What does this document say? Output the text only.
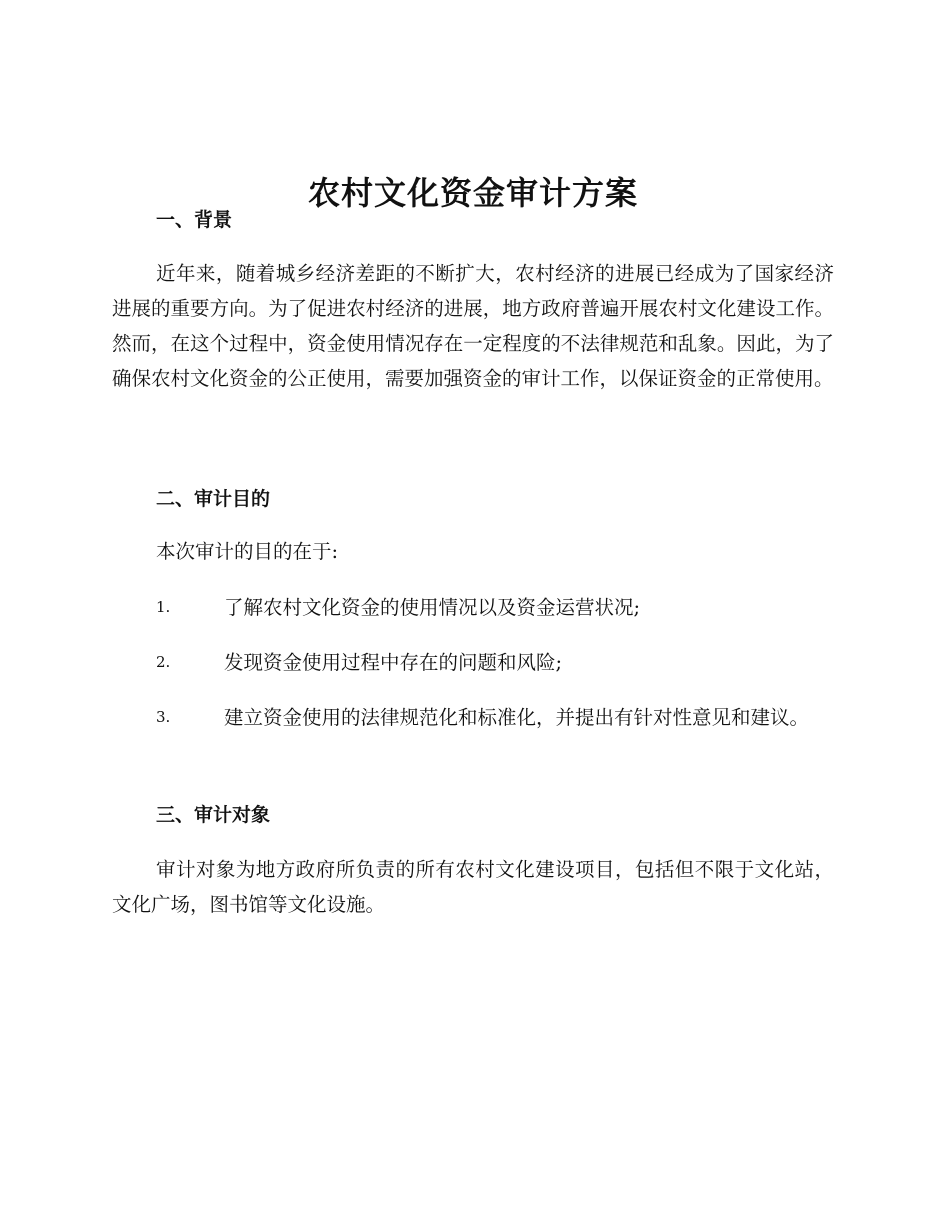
农村文化资金审计方案
一、背景

近年来，随着城乡经济差距的不断扩大，农村经济的进展已经成为了国家经济进展的重要方向。为了促进农村经济的进展，地方政府普遍开展农村文化建设工作。然而，在这个过程中，资金使用情况存在一定程度的不法律规范和乱象。因此，为了确保农村文化资金的公正使用，需要加强资金的审计工作，以保证资金的正常使用。

二、审计目的

本次审计的目的在于:

1.	了解农村文化资金的使用情况以及资金运营状况;
2.	发现资金使用过程中存在的问题和风险;
3.	建立资金使用的法律规范化和标准化，并提出有针对性意见和建议。
三、审计对象

审计对象为地方政府所负责的所有农村文化建设项目，包括但不限于文化站，文化广场，图书馆等文化设施。
